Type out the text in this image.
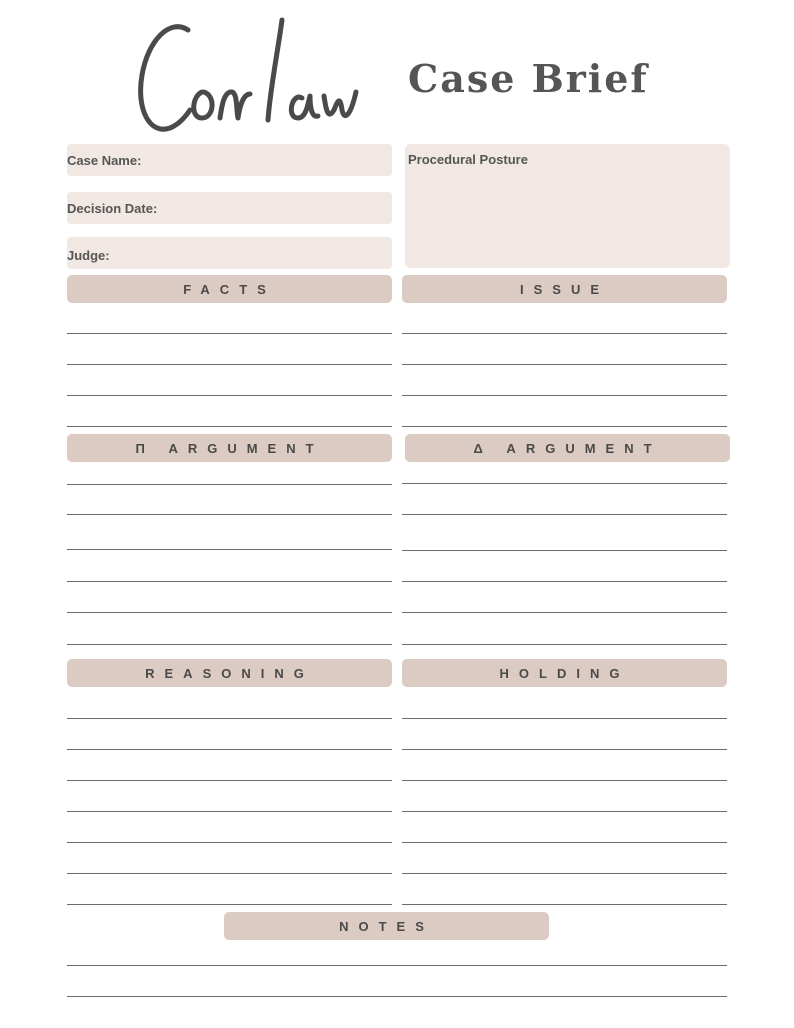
Case Brief
Case Name:
Decision Date:
Judge:
Procedural Posture
FACTS	ISSUE
Π ARGUMENT	Δ ARGUMENT
REASONING	HOLDING
NOTES
